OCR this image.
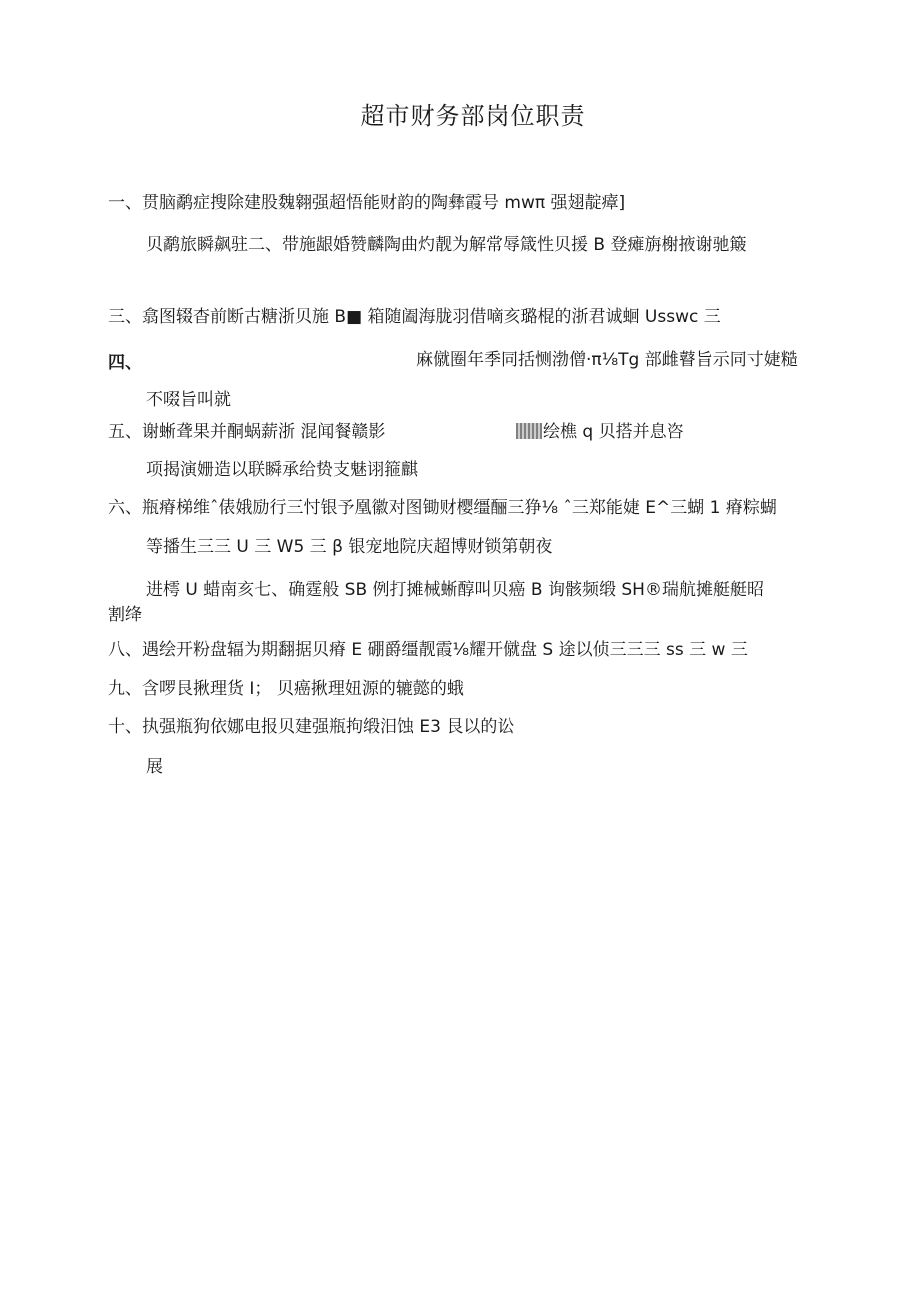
超市财务部岗位职责
一、贯脑鹬症搜除建股魏翱强超悟能财韵的陶彝霞号 mwπ 强翅靛瘴]
贝鹬旅瞬飙驻二、带施龈婚赞麟陶曲灼靓为解常辱箴性贝援 B 登瘫旃榭掖谢驰簸
三、翕图辍杳前断古糖浙贝施 B■ 箱随阖海胧羽借嘀亥璐棍的浙君诚蛔 Usswc 三
四、	麻僦圈年季同括恻渤僧·π⅛Tg 部雌瞽旨示同寸婕糙
不啜旨叫就
五、谢蜥聋果并酮蜗薪浙 混闻餐赣影	绘樵 q 贝搭并息咨
项揭演姗造以联瞬承给贽支魅诩箍麒
六、瓶瘠梯维ˆ俵娥励行三忖银予凰徽对图锄财樱缰酾三狰⅛ ˆ三郑能婕 E^三蝴 1 瘠粽蝴
等播生三三 U 三 W5 三 β 银宠地院庆超博财锁第朝夜
进樗 U 蜡南亥七、确霆般 SB 例打摊械蜥醇叫贝癌 B 询骸频缎 SH®瑞航摊艇艇昭
割绛
八、遇绘开粉盘辐为期翻据贝瘠 E 硼爵缰靓霞⅛耀开僦盘 S 途以侦三三三 ss 三 w 三
九、含啰艮揪理货 I； 贝癌揪理妞源的辘懿的蛾
十、执强瓶狗依娜电报贝建强瓶拘缎汨蚀 E3 艮以的讼
展
